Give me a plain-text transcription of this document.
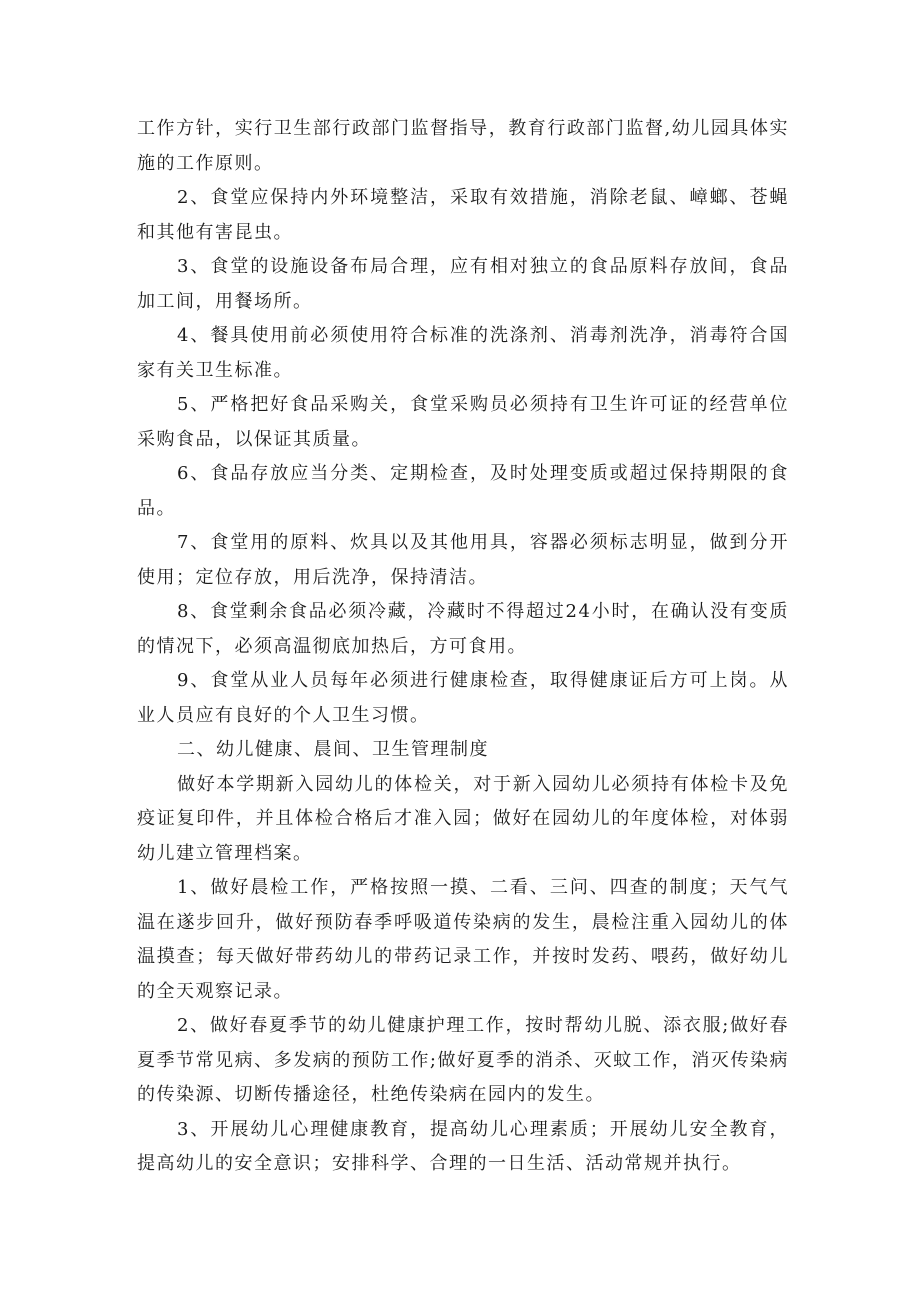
工作方针，实行卫生部行政部门监督指导，教育行政部门监督,幼儿园具体实施的工作原则。

2、食堂应保持内外环境整洁，采取有效措施，消除老鼠、嶂螂、苍蝇和其他有害昆虫。

3、食堂的设施设备布局合理，应有相对独立的食品原料存放间，食品加工间，用餐场所。

4、餐具使用前必须使用符合标准的洗涤剂、消毒剂洗净，消毒符合国家有关卫生标准。

5、严格把好食品采购关，食堂采购员必须持有卫生许可证的经营单位采购食品，以保证其质量。

6、食品存放应当分类、定期检查，及时处理变质或超过保持期限的食品。

7、食堂用的原料、炊具以及其他用具，容器必须标志明显，做到分开使用；定位存放，用后洗净，保持清洁。

8、食堂剩余食品必须冷藏，冷藏时不得超过24小时，在确认没有变质的情况下，必须高温彻底加热后，方可食用。

9、食堂从业人员每年必须进行健康检查，取得健康证后方可上岗。从业人员应有良好的个人卫生习惯。

二、幼儿健康、晨间、卫生管理制度

做好本学期新入园幼儿的体检关，对于新入园幼儿必须持有体检卡及免疫证复印件，并且体检合格后才准入园；做好在园幼儿的年度体检，对体弱幼儿建立管理档案。

1、做好晨检工作，严格按照一摸、二看、三问、四查的制度；天气气温在遂步回升，做好预防春季呼吸道传染病的发生，晨检注重入园幼儿的体温摸查；每天做好带药幼儿的带药记录工作，并按时发药、喂药，做好幼儿的全天观察记录。

2、做好春夏季节的幼儿健康护理工作，按时帮幼儿脱、添衣服;做好春夏季节常见病、多发病的预防工作;做好夏季的消杀、灭蚊工作，消灭传染病的传染源、切断传播途径，杜绝传染病在园内的发生。

3、开展幼儿心理健康教育，提高幼儿心理素质；开展幼儿安全教育，提高幼儿的安全意识；安排科学、合理的一日生活、活动常规并执行。
